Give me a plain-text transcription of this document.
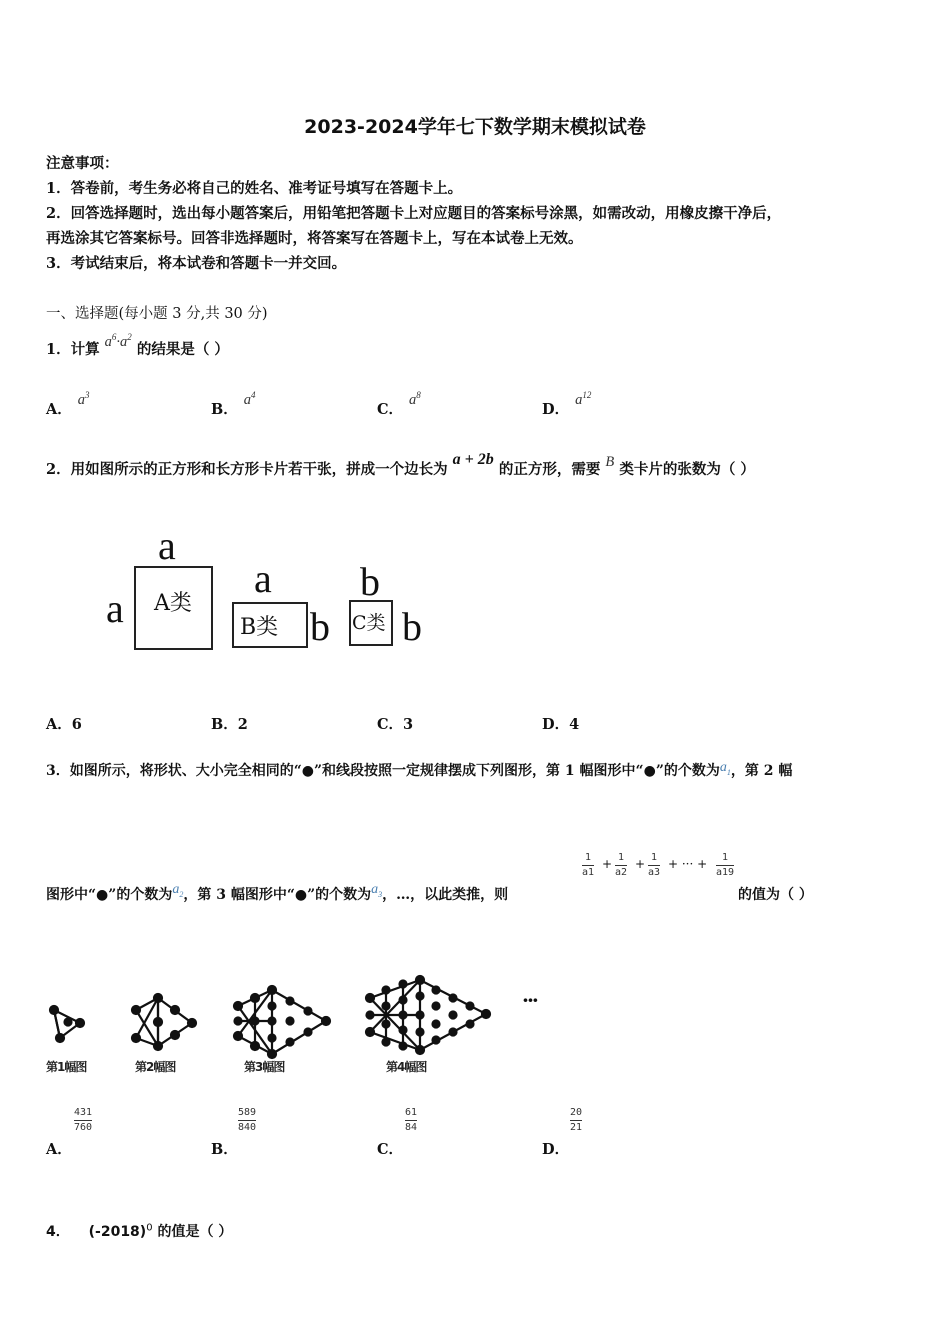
2023-2024学年七下数学期末模拟试卷
注意事项：
1．答卷前，考生务必将自己的姓名、准考证号填写在答题卡上。
2．回答选择题时，选出每小题答案后，用铅笔把答题卡上对应题目的答案标号涂黑，如需改动，用橡皮擦干净后，
再选涂其它答案标号。回答非选择题时，将答案写在答题卡上，写在本试卷上无效。
3．考试结束后，将本试卷和答题卡一并交回。
一、选择题(每小题 3 分,共 30 分)
1．计算 $a^6\cdot a^2$ 的结果是（ ）
A．$a^3$
B．$a^4$
C．$a^8$
D．$a^{12}$
2．用如图所示的正方形和长方形卡片若干张，拼成一个边长为 a + 2b 的正方形，需要 B 类卡片的张数为（ ）
a
a A类
a
B类 b
b
C类 b
A．6	B．2	C．3	D．4
3．如图所示，将形状、大小完全相同的“●”和线段按照一定规律摆成下列图形，第 1 幅图形中“●”的个数为$a_1$，第 2 幅
1
a1
+ 1
a2
+ 1
a3
+ ··· + 1
a19
图形中“●”的个数为$a_2$，第 3 幅图形中“●”的个数为$a_3$，…，以此类推，则	的值为（ ）
···
第1幅图	第2幅图	第3幅图	第4幅图
A．
431
760
B．
589
840
C．
61
84
D．
20
21
4． $(-2018)^0$ 的值是（ ）
